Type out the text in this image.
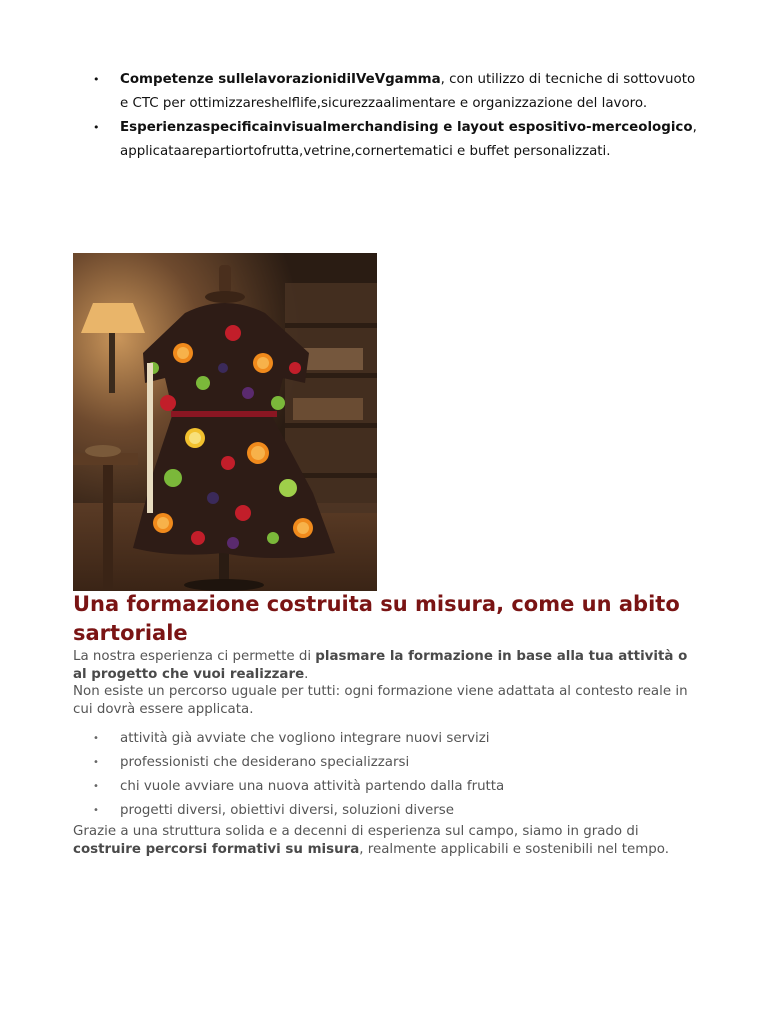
• Competenze sullelavorazionidiIVeVgamma, con utilizzo di tecniche di sottovuoto e CTC per ottimizzareshelflife,sicurezzaalimentare e organizzazione del lavoro.
• Esperienzaspecificainvisualmerchandising e layout espositivo-merceologico, applicataarepartiortofrutta,vetrine,cornertematici e buffet personalizzati.
Una formazione costruita su misura, come un abito sartoriale

La nostra esperienza ci permette di plasmare la formazione in base alla tua attività o al progetto che vuoi realizzare.

Non esiste un percorso uguale per tutti: ogni formazione viene adattata al contesto reale in cui dovrà essere applicata.

• attività già avviate che vogliono integrare nuovi servizi
• professionisti che desiderano specializzarsi
• chi vuole avviare una nuova attività partendo dalla frutta
• progetti diversi, obiettivi diversi, soluzioni diverse

Grazie a una struttura solida e a decenni di esperienza sul campo, siamo in grado di costruire percorsi formativi su misura, realmente applicabili e sostenibili nel tempo.
